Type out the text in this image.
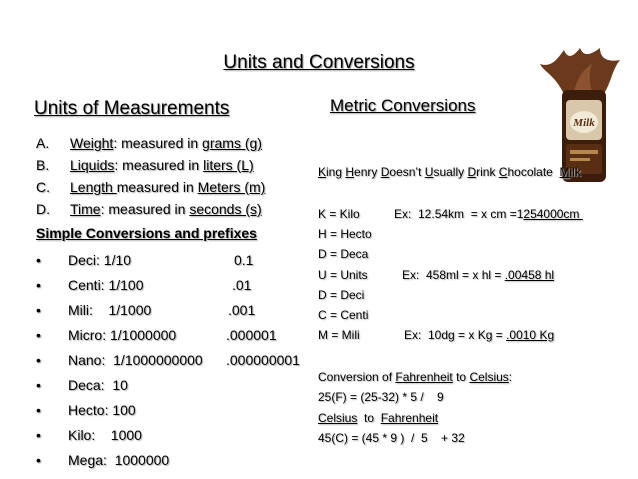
Units and Conversions
Units of Measurements	Metric Conversions
Milk
A. Weight: measured in grams (g)
B. Liquids: measured in liters (L)
C. Length measured in Meters (m)
D. Time: measured in seconds (s)
Simple Conversions and prefixes
• Deci: 1/10	0.1
• Centi: 1/100	.01
• Mili:    1/1000	.001
• Micro: 1/1000000	.000001
• Nano:  1/1000000000 .000000001
• Deca:  10
• Hecto: 100
• Kilo:    1000
• Mega:  1000000
King Henry Doesn’t Usually Drink Chocolate  Milk
K = Kilo	Ex:  12.54km  = x cm =1254000cm
H = Hecto
D = Deca
U = Units	Ex:  458ml = x hl = .00458 hl
D = Deci
C = Centi
M = Mili	Ex:  10dg = x Kg = .0010 Kg
Conversion of Fahrenheit to Celsius:
25(F) = (25-32) * 5 /    9
Celsius  to  Fahrenheit
45(C) = (45 * 9 )  /  5    + 32
